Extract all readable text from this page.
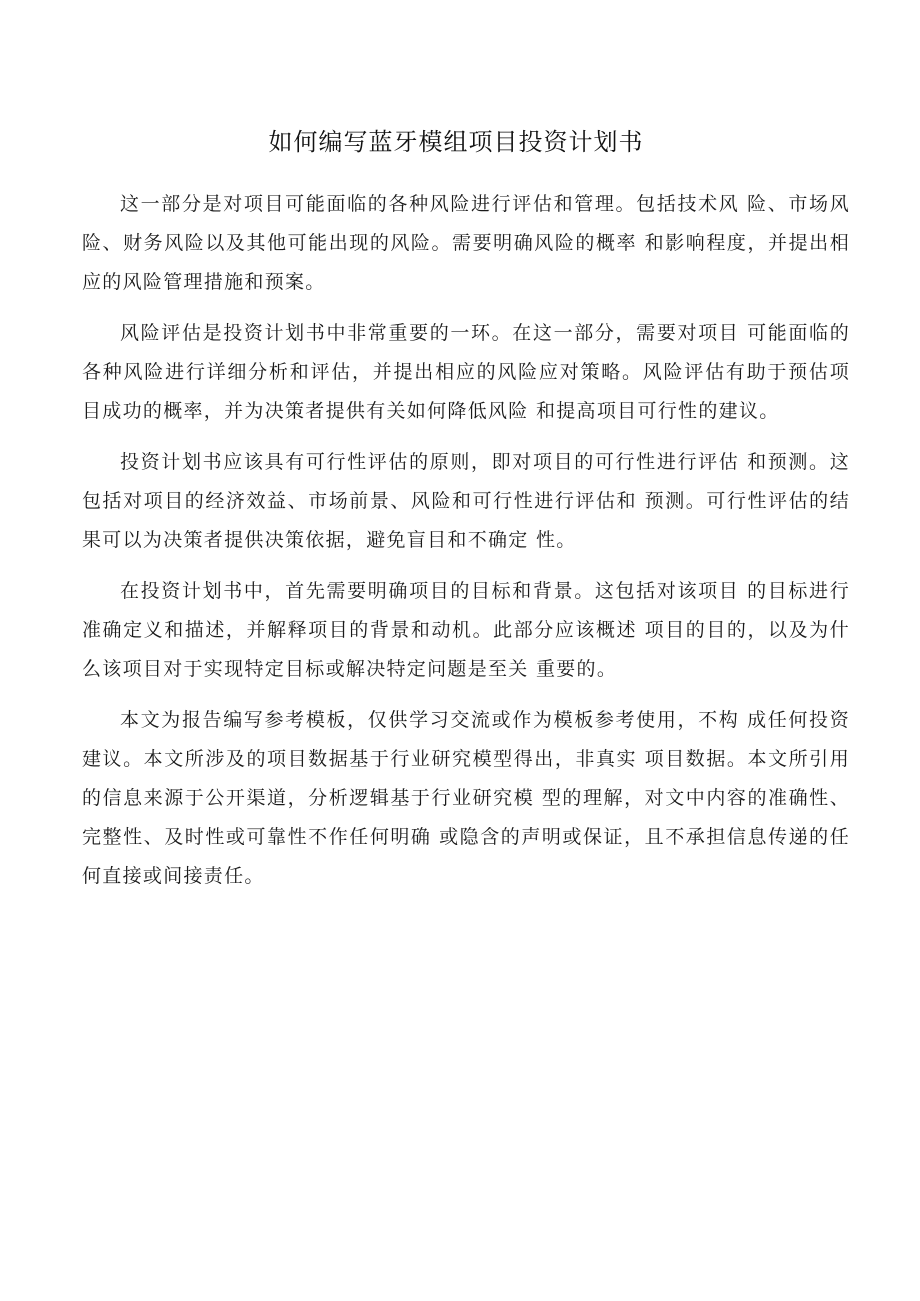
如何编写蓝牙模组项目投资计划书

这一部分是对项目可能面临的各种风险进行评估和管理。包括技术风 险、市场风险、财务风险以及其他可能出现的风险。需要明确风险的概率 和影响程度，并提出相应的风险管理措施和预案。

风险评估是投资计划书中非常重要的一环。在这一部分，需要对项目 可能面临的各种风险进行详细分析和评估，并提出相应的风险应对策略。风险评估有助于预估项目成功的概率，并为决策者提供有关如何降低风险 和提高项目可行性的建议。

投资计划书应该具有可行性评估的原则，即对项目的可行性进行评估 和预测。这包括对项目的经济效益、市场前景、风险和可行性进行评估和 预测。可行性评估的结果可以为决策者提供决策依据，避免盲目和不确定 性。

在投资计划书中，首先需要明确项目的目标和背景。这包括对该项目 的目标进行准确定义和描述，并解释项目的背景和动机。此部分应该概述 项目的目的，以及为什么该项目对于实现特定目标或解决特定问题是至关 重要的。

本文为报告编写参考模板，仅供学习交流或作为模板参考使用，不构 成任何投资建议。本文所涉及的项目数据基于行业研究模型得出，非真实 项目数据。本文所引用的信息来源于公开渠道，分析逻辑基于行业研究模 型的理解，对文中内容的准确性、完整性、及时性或可靠性不作任何明确 或隐含的声明或保证，且不承担信息传递的任何直接或间接责任。
